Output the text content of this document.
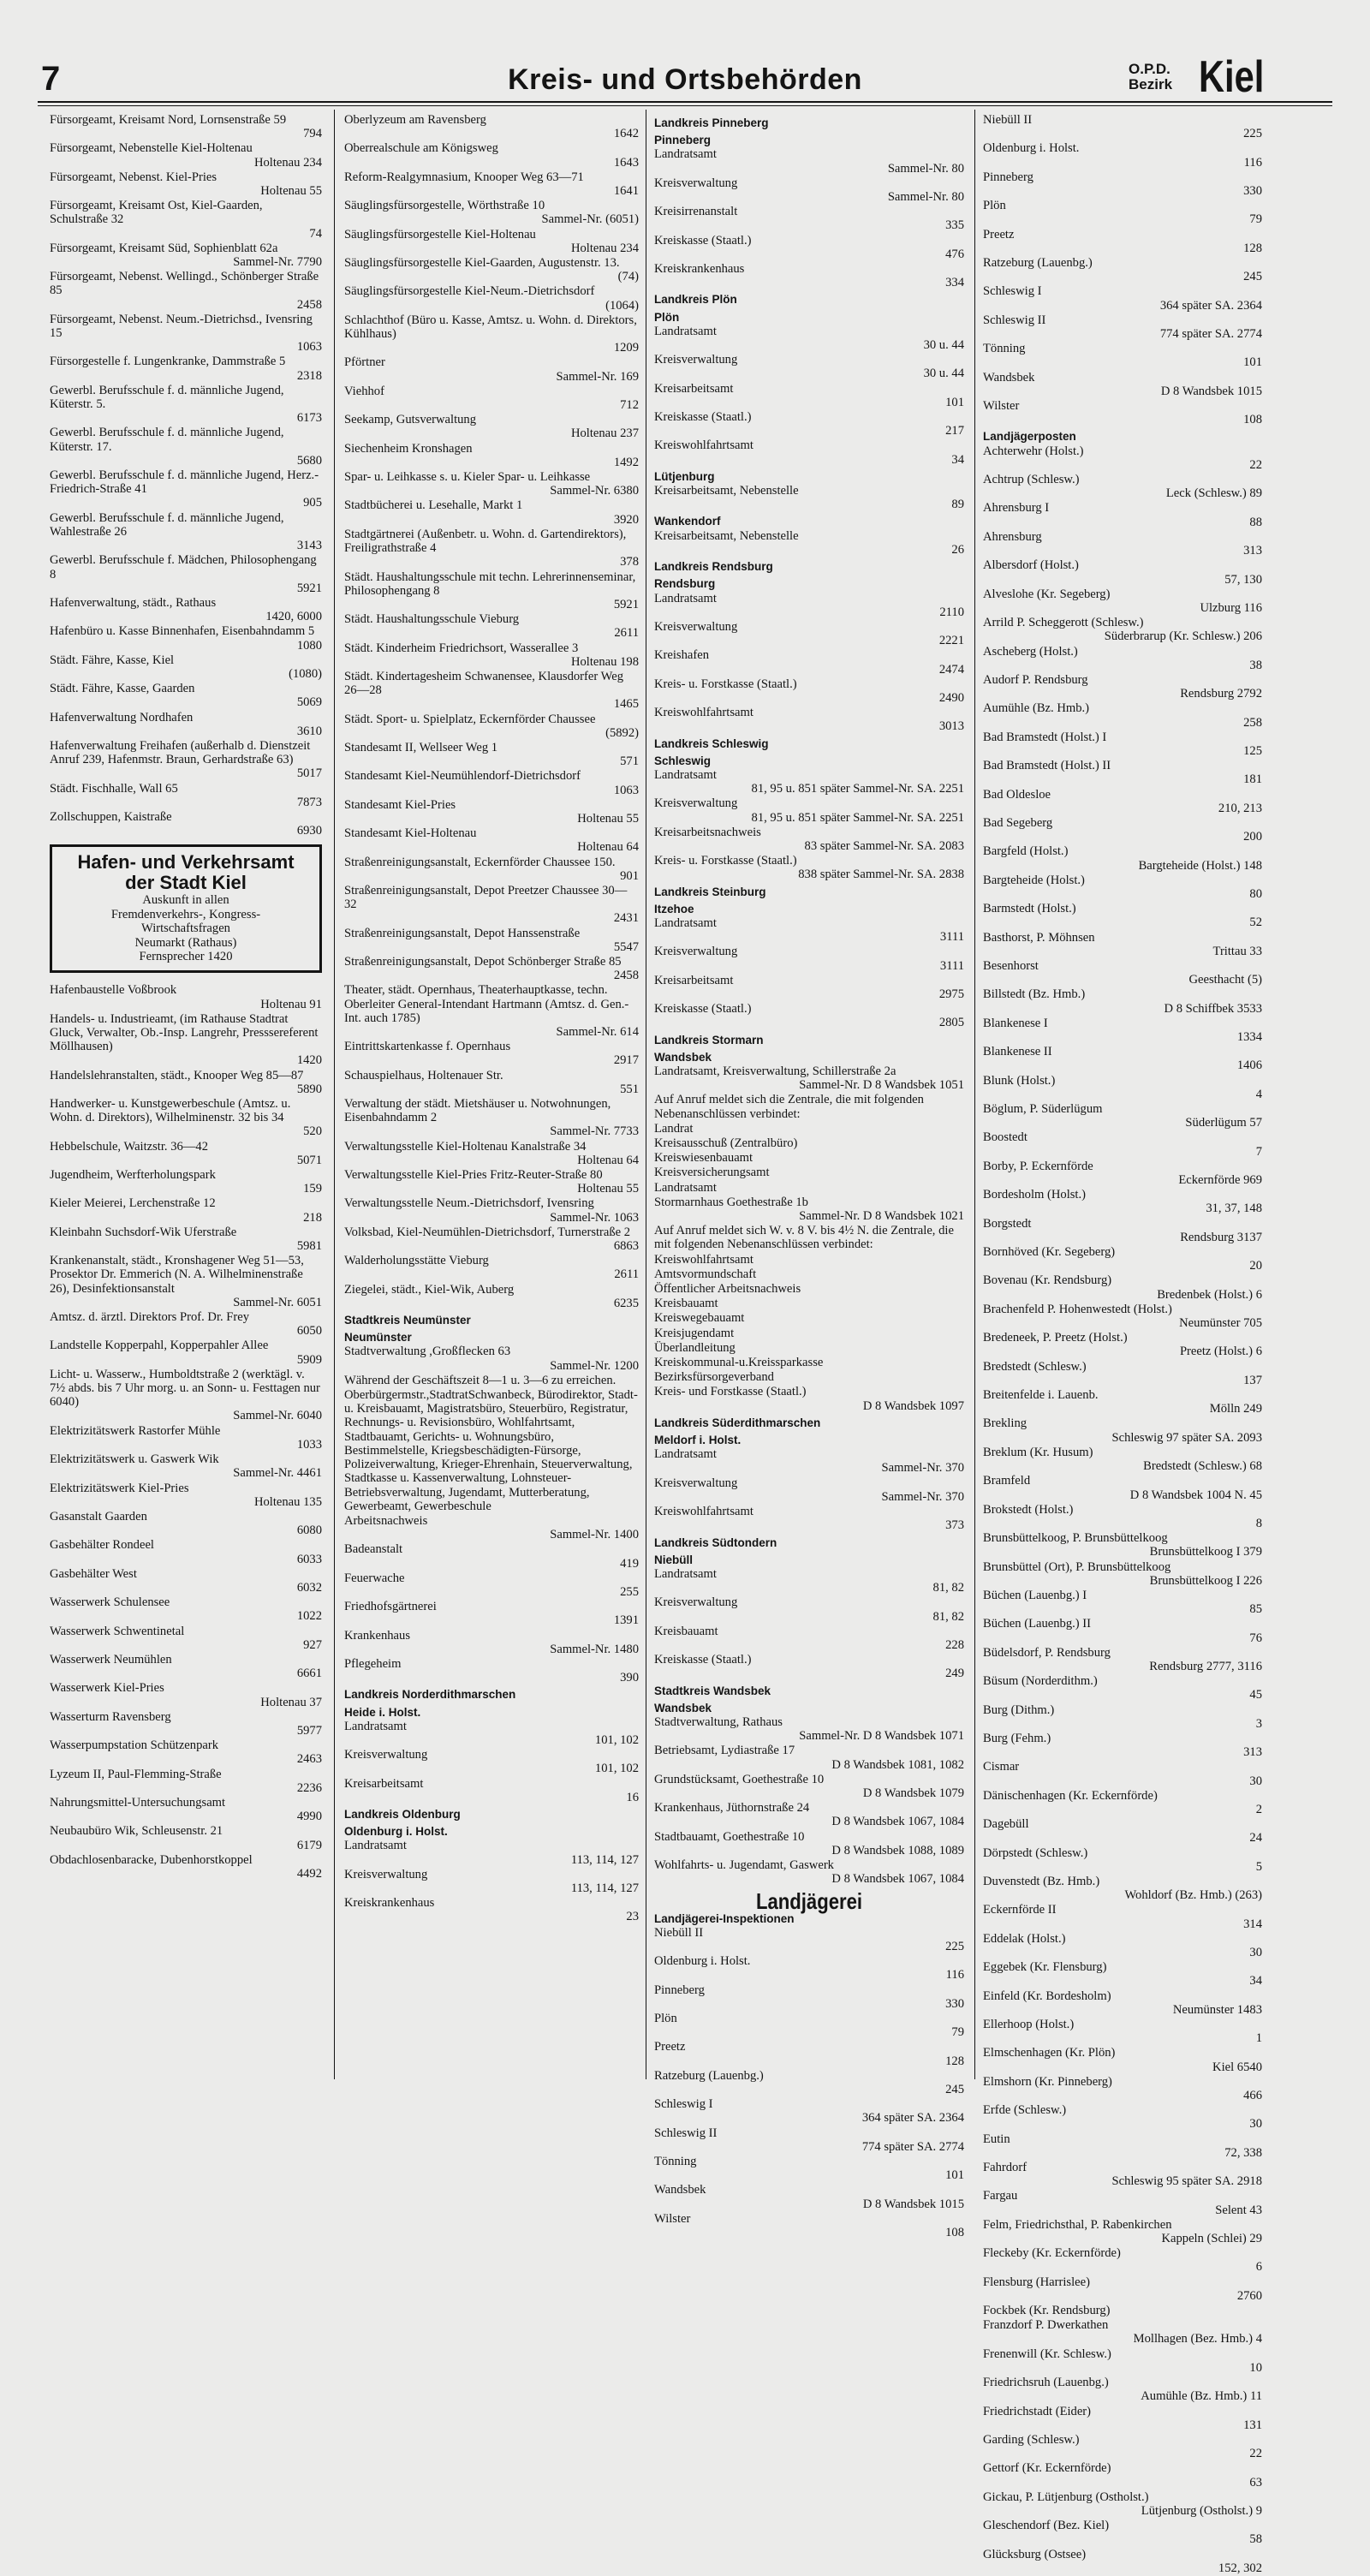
7	Kreis- und Ortsbehörden	O.P.D.
Bezirk Kiel
Fürsorgeamt, Kreisamt Nord, Lornsenstraße 59
794
Fürsorgeamt, Nebenstelle Kiel-Holtenau
Holtenau 234
Fürsorgeamt, Nebenst. Kiel-Pries
Holtenau 55
Fürsorgeamt, Kreisamt Ost, Kiel-Gaarden, Schulstraße 32
74
Fürsorgeamt, Kreisamt Süd, Sophienblatt 62a
Sammel-Nr. 7790
Fürsorgeamt, Nebenst. Wellingd., Schönberger Straße 85
2458
Fürsorgeamt, Nebenst. Neum.-Dietrichsd., Ivensring 15
1063
Fürsorgestelle f. Lungenkranke, Dammstraße 5
2318
Gewerbl. Berufsschule f. d. männliche Jugend, Küterstr. 5.
6173
Gewerbl. Berufsschule f. d. männliche Jugend, Küterstr. 17.
5680
Gewerbl. Berufsschule f. d. männliche Jugend, Herz.-Friedrich-Straße 41
905
Gewerbl. Berufsschule f. d. männliche Jugend, Wahlestraße 26
3143
Gewerbl. Berufsschule f. Mädchen, Philosophengang 8
5921
Hafenverwaltung, städt., Rathaus
1420, 6000
Hafenbüro u. Kasse Binnenhafen, Eisenbahndamm 5
1080
Städt. Fähre, Kasse, Kiel
(1080)
Städt. Fähre, Kasse, Gaarden
5069
Hafenverwaltung Nordhafen
3610
Hafenverwaltung Freihafen (außerhalb d. Dienstzeit Anruf 239, Hafenmstr. Braun, Gerhardstraße 63)
5017
Städt. Fischhalle, Wall 65
7873
Zollschuppen, Kaistraße
6930
Hafen- und Verkehrsamt
der Stadt Kiel
Auskunft in allen
Fremdenverkehrs-, Kongress-
Wirtschaftsfragen
Neumarkt (Rathaus)
Fernsprecher 1420
Hafenbaustelle Voßbrook
Holtenau 91
Handels- u. Industrieamt, (im Rathause Stadtrat Gluck, Verwalter, Ob.-Insp. Langrehr, Presssereferent Möllhausen)
1420
Handelslehranstalten, städt., Knooper Weg 85—87
5890
Handwerker- u. Kunstgewerbeschule (Amtsz. u. Wohn. d. Direktors), Wilhelminenstr. 32 bis 34
520
Hebbelschule, Waitzstr. 36—42
5071
Jugendheim, Werfterholungspark
159
Kieler Meierei, Lerchenstraße 12
218
Kleinbahn Suchsdorf-Wik Uferstraße
5981
Krankenanstalt, städt., Kronshagener Weg 51—53, Prosektor Dr. Emmerich (N. A. Wilhelminenstraße 26), Desinfektionsanstalt
Sammel-Nr. 6051
Amtsz. d. ärztl. Direktors Prof. Dr. Frey
6050
Landstelle Kopperpahl, Kopperpahler Allee
5909
Licht- u. Wasserw., Humboldtstraße 2 (werktägl. v. 7½ abds. bis 7 Uhr morg. u. an Sonn- u. Festtagen nur 6040)
Sammel-Nr. 6040
Elektrizitätswerk Rastorfer Mühle
1033
Elektrizitätswerk u. Gaswerk Wik
Sammel-Nr. 4461
Elektrizitätswerk Kiel-Pries
Holtenau 135
Gasanstalt Gaarden
6080
Gasbehälter Rondeel
6033
Gasbehälter West
6032
Wasserwerk Schulensee
1022
Wasserwerk Schwentinetal
927
Wasserwerk Neumühlen
6661
Wasserwerk Kiel-Pries
Holtenau 37
Wasserturm Ravensberg
5977
Wasserpumpstation Schützenpark
2463
Lyzeum II, Paul-Flemming-Straße
2236
Nahrungsmittel-Untersuchungsamt
4990
Neubaubüro Wik, Schleusenstr. 21
6179
Obdachlosenbaracke, Dubenhorstkoppel
4492
Oberlyzeum am Ravensberg
1642
Oberrealschule am Königsweg
1643
Reform-Realgymnasium, Knooper Weg 63—71
1641
Säuglingsfürsorgestelle, Wörthstraße 10
Sammel-Nr. (6051)
Säuglingsfürsorgestelle Kiel-Holtenau
Holtenau 234
Säuglingsfürsorgestelle Kiel-Gaarden, Augustenstr. 13.
(74)
Säuglingsfürsorgestelle Kiel-Neum.-Dietrichsdorf
(1064)
Schlachthof (Büro u. Kasse, Amtsz. u. Wohn. d. Direktors, Kühlhaus)
1209
Pförtner
Sammel-Nr. 169
Viehhof
712
Seekamp, Gutsverwaltung
Holtenau 237
Siechenheim Kronshagen
1492
Spar- u. Leihkasse s. u. Kieler Spar- u. Leihkasse
Sammel-Nr. 6380
Stadtbücherei u. Lesehalle, Markt 1
3920
Stadtgärtnerei (Außenbetr. u. Wohn. d. Gartendirektors), Freiligrathstraße 4
378
Städt. Haushaltungsschule mit techn. Lehrerinnenseminar, Philosophengang 8
5921
Städt. Haushaltungsschule Vieburg
2611
Städt. Kinderheim Friedrichsort, Wasserallee 3
Holtenau 198
Städt. Kindertagesheim Schwanensee, Klausdorfer Weg 26—28
1465
Städt. Sport- u. Spielplatz, Eckernförder Chaussee
(5892)
Standesamt II, Wellseer Weg 1
571
Standesamt Kiel-Neumühlendorf-Dietrichsdorf
1063
Standesamt Kiel-Pries
Holtenau 55
Standesamt Kiel-Holtenau
Holtenau 64
Straßenreinigungsanstalt, Eckernförder Chaussee 150.
901
Straßenreinigungsanstalt, Depot Preetzer Chaussee 30—32
2431
Straßenreinigungsanstalt, Depot Hanssenstraße
5547
Straßenreinigungsanstalt, Depot Schönberger Straße 85
2458
Theater, städt. Opernhaus, Theaterhauptkasse, techn. Oberleiter General-Intendant Hartmann (Amtsz. d. Gen.-Int. auch 1785)
Sammel-Nr. 614
Eintrittskartenkasse f. Opernhaus
2917
Schauspielhaus, Holtenauer Str.
551
Verwaltung der städt. Mietshäuser u. Notwohnungen, Eisenbahndamm 2
Sammel-Nr. 7733
Verwaltungsstelle Kiel-Holtenau Kanalstraße 34
Holtenau 64
Verwaltungsstelle Kiel-Pries Fritz-Reuter-Straße 80
Holtenau 55
Verwaltungsstelle Neum.-Dietrichsdorf, Ivensring
Sammel-Nr. 1063
Volksbad, Kiel-Neumühlen-Dietrichsdorf, Turnerstraße 2
6863
Walderholungsstätte Vieburg
2611
Ziegelei, städt., Kiel-Wik, Auberg
6235
Stadtkreis Neumünster
Neumünster
Stadtverwaltung ,Großflecken 63
Sammel-Nr. 1200
Während der Geschäftszeit 8—1 u. 3—6 zu erreichen.
Oberbürgermstr.,StadtratSchwanbeck, Bürodirektor, Stadt- u. Kreisbauamt, Magistratsbüro, Steuerbüro, Registratur, Rechnungs- u. Revisionsbüro, Wohlfahrtsamt, Stadtbauamt, Gerichts- u. Wohnungsbüro, Bestimmelstelle, Kriegsbeschädigten-Fürsorge, Polizeiverwaltung, Krieger-Ehrenhain, Steuerverwaltung, Stadtkasse u. Kassenverwaltung, Lohnsteuer-Betriebsverwaltung, Jugendamt, Mutterberatung, Gewerbeamt, Gewerbeschule
Arbeitsnachweis
Sammel-Nr. 1400
Badeanstalt
419
Feuerwache
255
Friedhofsgärtnerei
1391
Krankenhaus
Sammel-Nr. 1480
Pflegeheim
390
Landkreis Norderdithmarschen
Heide i. Holst.
Landratsamt
101, 102
Kreisverwaltung
101, 102
Kreisarbeitsamt
16
Landkreis Oldenburg
Oldenburg i. Holst.
Landratsamt
113, 114, 127
Kreisverwaltung
113, 114, 127
Kreiskrankenhaus
23
Landkreis Pinneberg
Pinneberg
Landratsamt
Sammel-Nr. 80
Kreisverwaltung
Sammel-Nr. 80
Kreisirrenanstalt
335
Kreiskasse (Staatl.)
476
Kreiskrankenhaus
334
Landkreis Plön
Plön
Landratsamt
30 u. 44
Kreisverwaltung
30 u. 44
Kreisarbeitsamt
101
Kreiskasse (Staatl.)
217
Kreiswohlfahrtsamt
34
Lütjenburg
Kreisarbeitsamt, Nebenstelle
89
Wankendorf
Kreisarbeitsamt, Nebenstelle
26
Landkreis Rendsburg
Rendsburg
Landratsamt
2110
Kreisverwaltung
2221
Kreishafen
2474
Kreis- u. Forstkasse (Staatl.)
2490
Kreiswohlfahrtsamt
3013
Landkreis Schleswig
Schleswig
Landratsamt
81, 95 u. 851 später Sammel-Nr. SA. 2251
Kreisverwaltung
81, 95 u. 851 später Sammel-Nr. SA. 2251
Kreisarbeitsnachweis
83 später Sammel-Nr. SA. 2083
Kreis- u. Forstkasse (Staatl.)
838 später Sammel-Nr. SA. 2838
Landkreis Steinburg
Itzehoe
Landratsamt
3111
Kreisverwaltung
3111
Kreisarbeitsamt
2975
Kreiskasse (Staatl.)
2805
Landkreis Stormarn
Wandsbek
Landratsamt, Kreisverwaltung, Schillerstraße 2a
Sammel-Nr. D 8 Wandsbek 1051
Auf Anruf meldet sich die Zentrale, die mit folgenden Nebenanschlüssen verbindet:
Landrat
Kreisausschuß (Zentralbüro)
Kreiswiesenbauamt
Kreisversicherungsamt
Landratsamt
Stormarnhaus Goethestraße 1b
Sammel-Nr. D 8 Wandsbek 1021
Auf Anruf meldet sich W. v. 8 V. bis 4½ N. die Zentrale, die mit folgenden Nebenanschlüssen verbindet:
Kreiswohlfahrtsamt
Amtsvormundschaft
Öffentlicher Arbeitsnachweis
Kreisbauamt
Kreiswegebauamt
Kreisjugendamt
Überlandleitung
Kreiskommunal-u.Kreissparkasse
Bezirksfürsorgeverband
Kreis- und Forstkasse (Staatl.)
D 8 Wandsbek 1097
Landkreis Süderdithmarschen
Meldorf i. Holst.
Landratsamt
Sammel-Nr. 370
Kreisverwaltung
Sammel-Nr. 370
Kreiswohlfahrtsamt
373
Landkreis Südtondern
Niebüll
Landratsamt
81, 82
Kreisverwaltung
81, 82
Kreisbauamt
228
Kreiskasse (Staatl.)
249
Stadtkreis Wandsbek
Wandsbek
Stadtverwaltung, Rathaus
Sammel-Nr. D 8 Wandsbek 1071
Betriebsamt, Lydiastraße 17
D 8 Wandsbek 1081, 1082
Grundstücksamt, Goethestraße 10
D 8 Wandsbek 1079
Krankenhaus, Jüthornstraße 24
D 8 Wandsbek 1067, 1084
Stadtbauamt, Goethestraße 10
D 8 Wandsbek 1088, 1089
Wohlfahrts- u. Jugendamt, Gaswerk
D 8 Wandsbek 1067, 1084
Landjägerei
Landjägerei-Inspektionen
Niebüll II
225
Oldenburg i. Holst.
116
Pinneberg
330
Plön
79
Preetz
128
Ratzeburg (Lauenbg.)
245
Schleswig I
364 später SA. 2364
Schleswig II
774 später SA. 2774
Tönning
101
Wandsbek
D 8 Wandsbek 1015
Wilster
108
Niebüll II
225
Oldenburg i. Holst.
116
Pinneberg
330
Plön
79
Preetz
128
Ratzeburg (Lauenbg.)
245
Schleswig I
364 später SA. 2364
Schleswig II
774 später SA. 2774
Tönning
101
Wandsbek
D 8 Wandsbek 1015
Wilster
108
Landjägerposten
Achterwehr (Holst.)
22
Achtrup (Schlesw.)
Leck (Schlesw.) 89
Ahrensburg I
88
Ahrensburg
313
Albersdorf (Holst.)
57, 130
Alveslohe (Kr. Segeberg)
Ulzburg 116
Arrild P. Scheggerott (Schlesw.)
Süderbrarup (Kr. Schlesw.) 206
Ascheberg (Holst.)
38
Audorf P. Rendsburg
Rendsburg 2792
Aumühle (Bz. Hmb.)
258
Bad Bramstedt (Holst.) I
125
Bad Bramstedt (Holst.) II
181
Bad Oldesloe
210, 213
Bad Segeberg
200
Bargfeld (Holst.)
Bargteheide (Holst.) 148
Bargteheide (Holst.)
80
Barmstedt (Holst.)
52
Basthorst, P. Möhnsen
Trittau 33
Besenhorst
Geesthacht (5)
Billstedt (Bz. Hmb.)
D 8 Schiffbek 3533
Blankenese I
1334
Blankenese II
1406
Blunk (Holst.)
4
Böglum, P. Süderlügum
Süderlügum 57
Boostedt
7
Borby, P. Eckernförde
Eckernförde 969
Bordesholm (Holst.)
31, 37, 148
Borgstedt
Rendsburg 3137
Bornhöved (Kr. Segeberg)
20
Bovenau (Kr. Rendsburg)
Bredenbek (Holst.) 6
Brachenfeld P. Hohenwestedt (Holst.)
Neumünster 705
Bredeneek, P. Preetz (Holst.)
Preetz (Holst.) 6
Bredstedt (Schlesw.)
137
Breitenfelde i. Lauenb.
Mölln 249
Brekling
Schleswig 97 später SA. 2093
Breklum (Kr. Husum)
Bredstedt (Schlesw.) 68
Bramfeld
D 8 Wandsbek 1004 N. 45
Brokstedt (Holst.)
8
Brunsbüttelkoog, P. Brunsbüttelkoog
Brunsbüttelkoog I 379
Brunsbüttel (Ort), P. Brunsbüttelkoog
Brunsbüttelkoog I 226
Büchen (Lauenbg.) I
85
Büchen (Lauenbg.) II
76
Büdelsdorf, P. Rendsburg
Rendsburg 2777, 3116
Büsum (Norderdithm.)
45
Burg (Dithm.)
3
Burg (Fehm.)
313
Cismar
30
Dänischenhagen (Kr. Eckernförde)
2
Dagebüll
24
Dörpstedt (Schlesw.)
5
Duvenstedt (Bz. Hmb.)
Wohldorf (Bz. Hmb.) (263)
Eckernförde II
314
Eddelak (Holst.)
30
Eggebek (Kr. Flensburg)
34
Einfeld (Kr. Bordesholm)
Neumünster 1483
Ellerhoop (Holst.)
1
Elmschenhagen (Kr. Plön)
Kiel 6540
Elmshorn (Kr. Pinneberg)
466
Erfde (Schlesw.)
30
Eutin
72, 338
Fahrdorf
Schleswig 95 später SA. 2918
Fargau
Selent 43
Felm, Friedrichsthal, P. Rabenkirchen
Kappeln (Schlei) 29
Fleckeby (Kr. Eckernförde)
6
Flensburg (Harrislee)
2760
Fockbek (Kr. Rendsburg)
Franzdorf P. Dwerkathen
Mollhagen (Bez. Hmb.) 4
Frenenwill (Kr. Schlesw.)
10
Friedrichsruh (Lauenbg.)
Aumühle (Bz. Hmb.) 11
Friedrichstadt (Eider)
131
Garding (Schlesw.)
22
Gettorf (Kr. Eckernförde)
63
Gickau, P. Lütjenburg (Ostholst.)
Lütjenburg (Ostholst.) 9
Gleschendorf (Bez. Kiel)
58
Glücksburg (Ostsee)
152, 302
